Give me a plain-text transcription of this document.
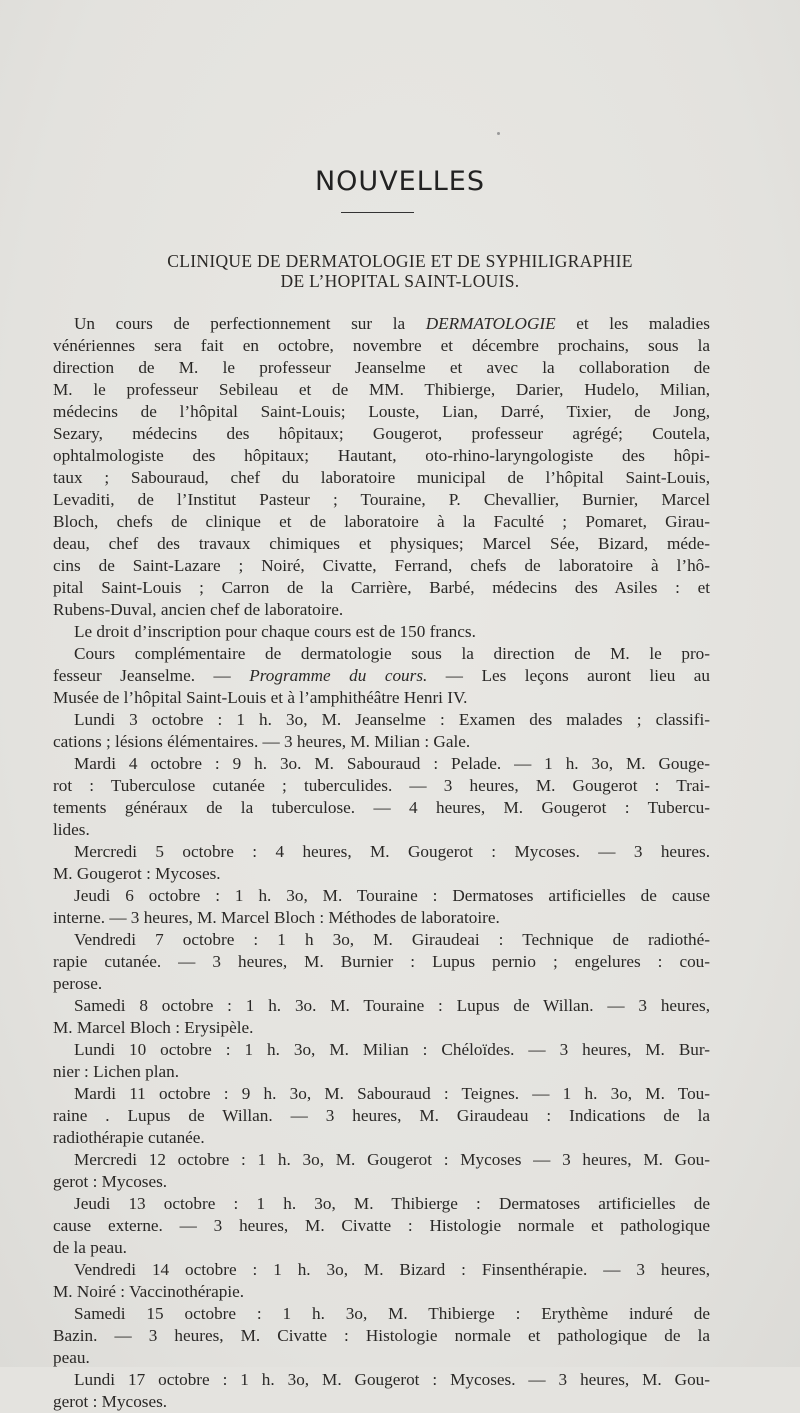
NOUVELLES
CLINIQUE DE DERMATOLOGIE ET DE SYPHILIGRAPHIE
DE L’HOPITAL SAINT-LOUIS.
Un cours de perfectionnement sur la DERMATOLOGIE et les maladies
vénériennes sera fait en octobre, novembre et décembre prochains, sous la
direction de M. le professeur Jeanselme et avec la collaboration de
M. le professeur Sebileau et de MM. Thibierge, Darier, Hudelo, Milian,
médecins de l’hôpital Saint-Louis; Louste, Lian, Darré, Tixier, de Jong,
Sezary, médecins des hôpitaux; Gougerot, professeur agrégé; Coutela,
ophtalmologiste des hôpitaux; Hautant, oto-rhino-laryngologiste des hôpi-
taux ; Sabouraud, chef du laboratoire municipal de l’hôpital Saint-Louis,
Levaditi, de l’Institut Pasteur ; Touraine, P. Chevallier, Burnier, Marcel
Bloch, chefs de clinique et de laboratoire à la Faculté ; Pomaret, Girau-
deau, chef des travaux chimiques et physiques; Marcel Sée, Bizard, méde-
cins de Saint-Lazare ; Noiré, Civatte, Ferrand, chefs de laboratoire à l’hô-
pital Saint-Louis ; Carron de la Carrière, Barbé, médecins des Asiles : et
Rubens-Duval, ancien chef de laboratoire.
Le droit d’inscription pour chaque cours est de 150 francs.
Cours complémentaire de dermatologie sous la direction de M. le pro-
fesseur Jeanselme. — Programme du cours. — Les leçons auront lieu au
Musée de l’hôpital Saint-Louis et à l’amphithéâtre Henri IV.
Lundi 3 octobre : 1 h. 3o, M. Jeanselme : Examen des malades ; classifi-
cations ; lésions élémentaires. — 3 heures, M. Milian : Gale.
Mardi 4 octobre : 9 h. 3o. M. Sabouraud : Pelade. — 1 h. 3o, M. Gouge-
rot : Tuberculose cutanée ; tuberculides. — 3 heures, M. Gougerot : Trai-
tements généraux de la tuberculose. — 4 heures, M. Gougerot : Tubercu-
lides.
Mercredi 5 octobre : 4 heures, M. Gougerot : Mycoses. — 3 heures.
M. Gougerot : Mycoses.
Jeudi 6 octobre : 1 h. 3o, M. Touraine : Dermatoses artificielles de cause
interne. — 3 heures, M. Marcel Bloch : Méthodes de laboratoire.
Vendredi 7 octobre : 1 h 3o, M. Giraudeai : Technique de radiothé-
rapie cutanée. — 3 heures, M. Burnier : Lupus pernio ; engelures : cou-
perose.
Samedi 8 octobre : 1 h. 3o. M. Touraine : Lupus de Willan. — 3 heures,
M. Marcel Bloch : Erysipèle.
Lundi 10 octobre : 1 h. 3o, M. Milian : Chéloïdes. — 3 heures, M. Bur-
nier : Lichen plan.
Mardi 11 octobre : 9 h. 3o, M. Sabouraud : Teignes. — 1 h. 3o, M. Tou-
raine . Lupus de Willan. — 3 heures, M. Giraudeau : Indications de la
radiothérapie cutanée.
Mercredi 12 octobre : 1 h. 3o, M. Gougerot : Mycoses — 3 heures, M. Gou-
gerot : Mycoses.
Jeudi 13 octobre : 1 h. 3o, M. Thibierge : Dermatoses artificielles de
cause externe. — 3 heures, M. Civatte : Histologie normale et pathologique
de la peau.
Vendredi 14 octobre : 1 h. 3o, M. Bizard : Finsenthérapie. — 3 heures,
M. Noiré : Vaccinothérapie.
Samedi 15 octobre : 1 h. 3o, M. Thibierge : Erythème induré de
Bazin. — 3 heures, M. Civatte : Histologie normale et pathologique de la
peau.
Lundi 17 octobre : 1 h. 3o, M. Gougerot : Mycoses. — 3 heures, M. Gou-
gerot : Mycoses.
